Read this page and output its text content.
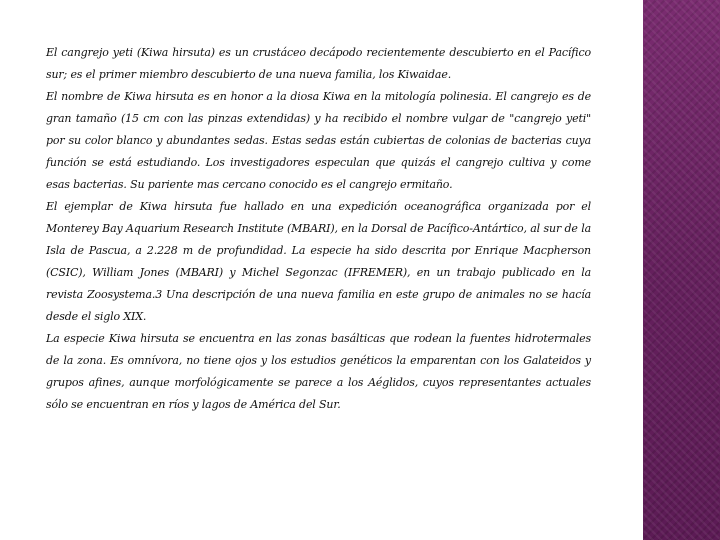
El cangrejo yeti (Kiwa hirsuta) es un crustáceo decápodo recientemente descubierto en el Pacífico sur; es el primer miembro descubierto de una nueva familia, los Kiwaidae.

El nombre de Kiwa hirsuta es en honor a la diosa Kiwa en la mitología polinesia. El cangrejo es de gran tamaño (15 cm con las pinzas extendidas) y ha recibido el nombre vulgar de "cangrejo yeti" por su color blanco y abundantes sedas. Estas sedas están cubiertas de colonias de bacterias cuya función se está estudiando. Los investigadores especulan que quizás el cangrejo cultiva y come esas bacterias. Su pariente mas cercano conocido es el cangrejo ermitaño.

El ejemplar de Kiwa hirsuta fue hallado en una expedición oceanográfica organizada por el Monterey Bay Aquarium Research Institute (MBARI), en la Dorsal de Pacífico-Antártico, al sur de la Isla de Pascua, a 2.228 m de profundidad. La especie ha sido descrita por Enrique Macpherson (CSIC), William Jones (MBARI) y Michel Segonzac (IFREMER), en un trabajo publicado en la revista Zoosystema.3 Una descripción de una nueva familia en este grupo de animales no se hacía desde el siglo XIX.

La especie Kiwa hirsuta se encuentra en las zonas basálticas que rodean la fuentes hidrotermales de la zona. Es omnívora, no tiene ojos y los estudios genéticos la emparentan con los Galateidos y grupos afines, aunque morfológicamente se parece a los Aéglidos, cuyos representantes actuales sólo se encuentran en ríos y lagos de América del Sur.
